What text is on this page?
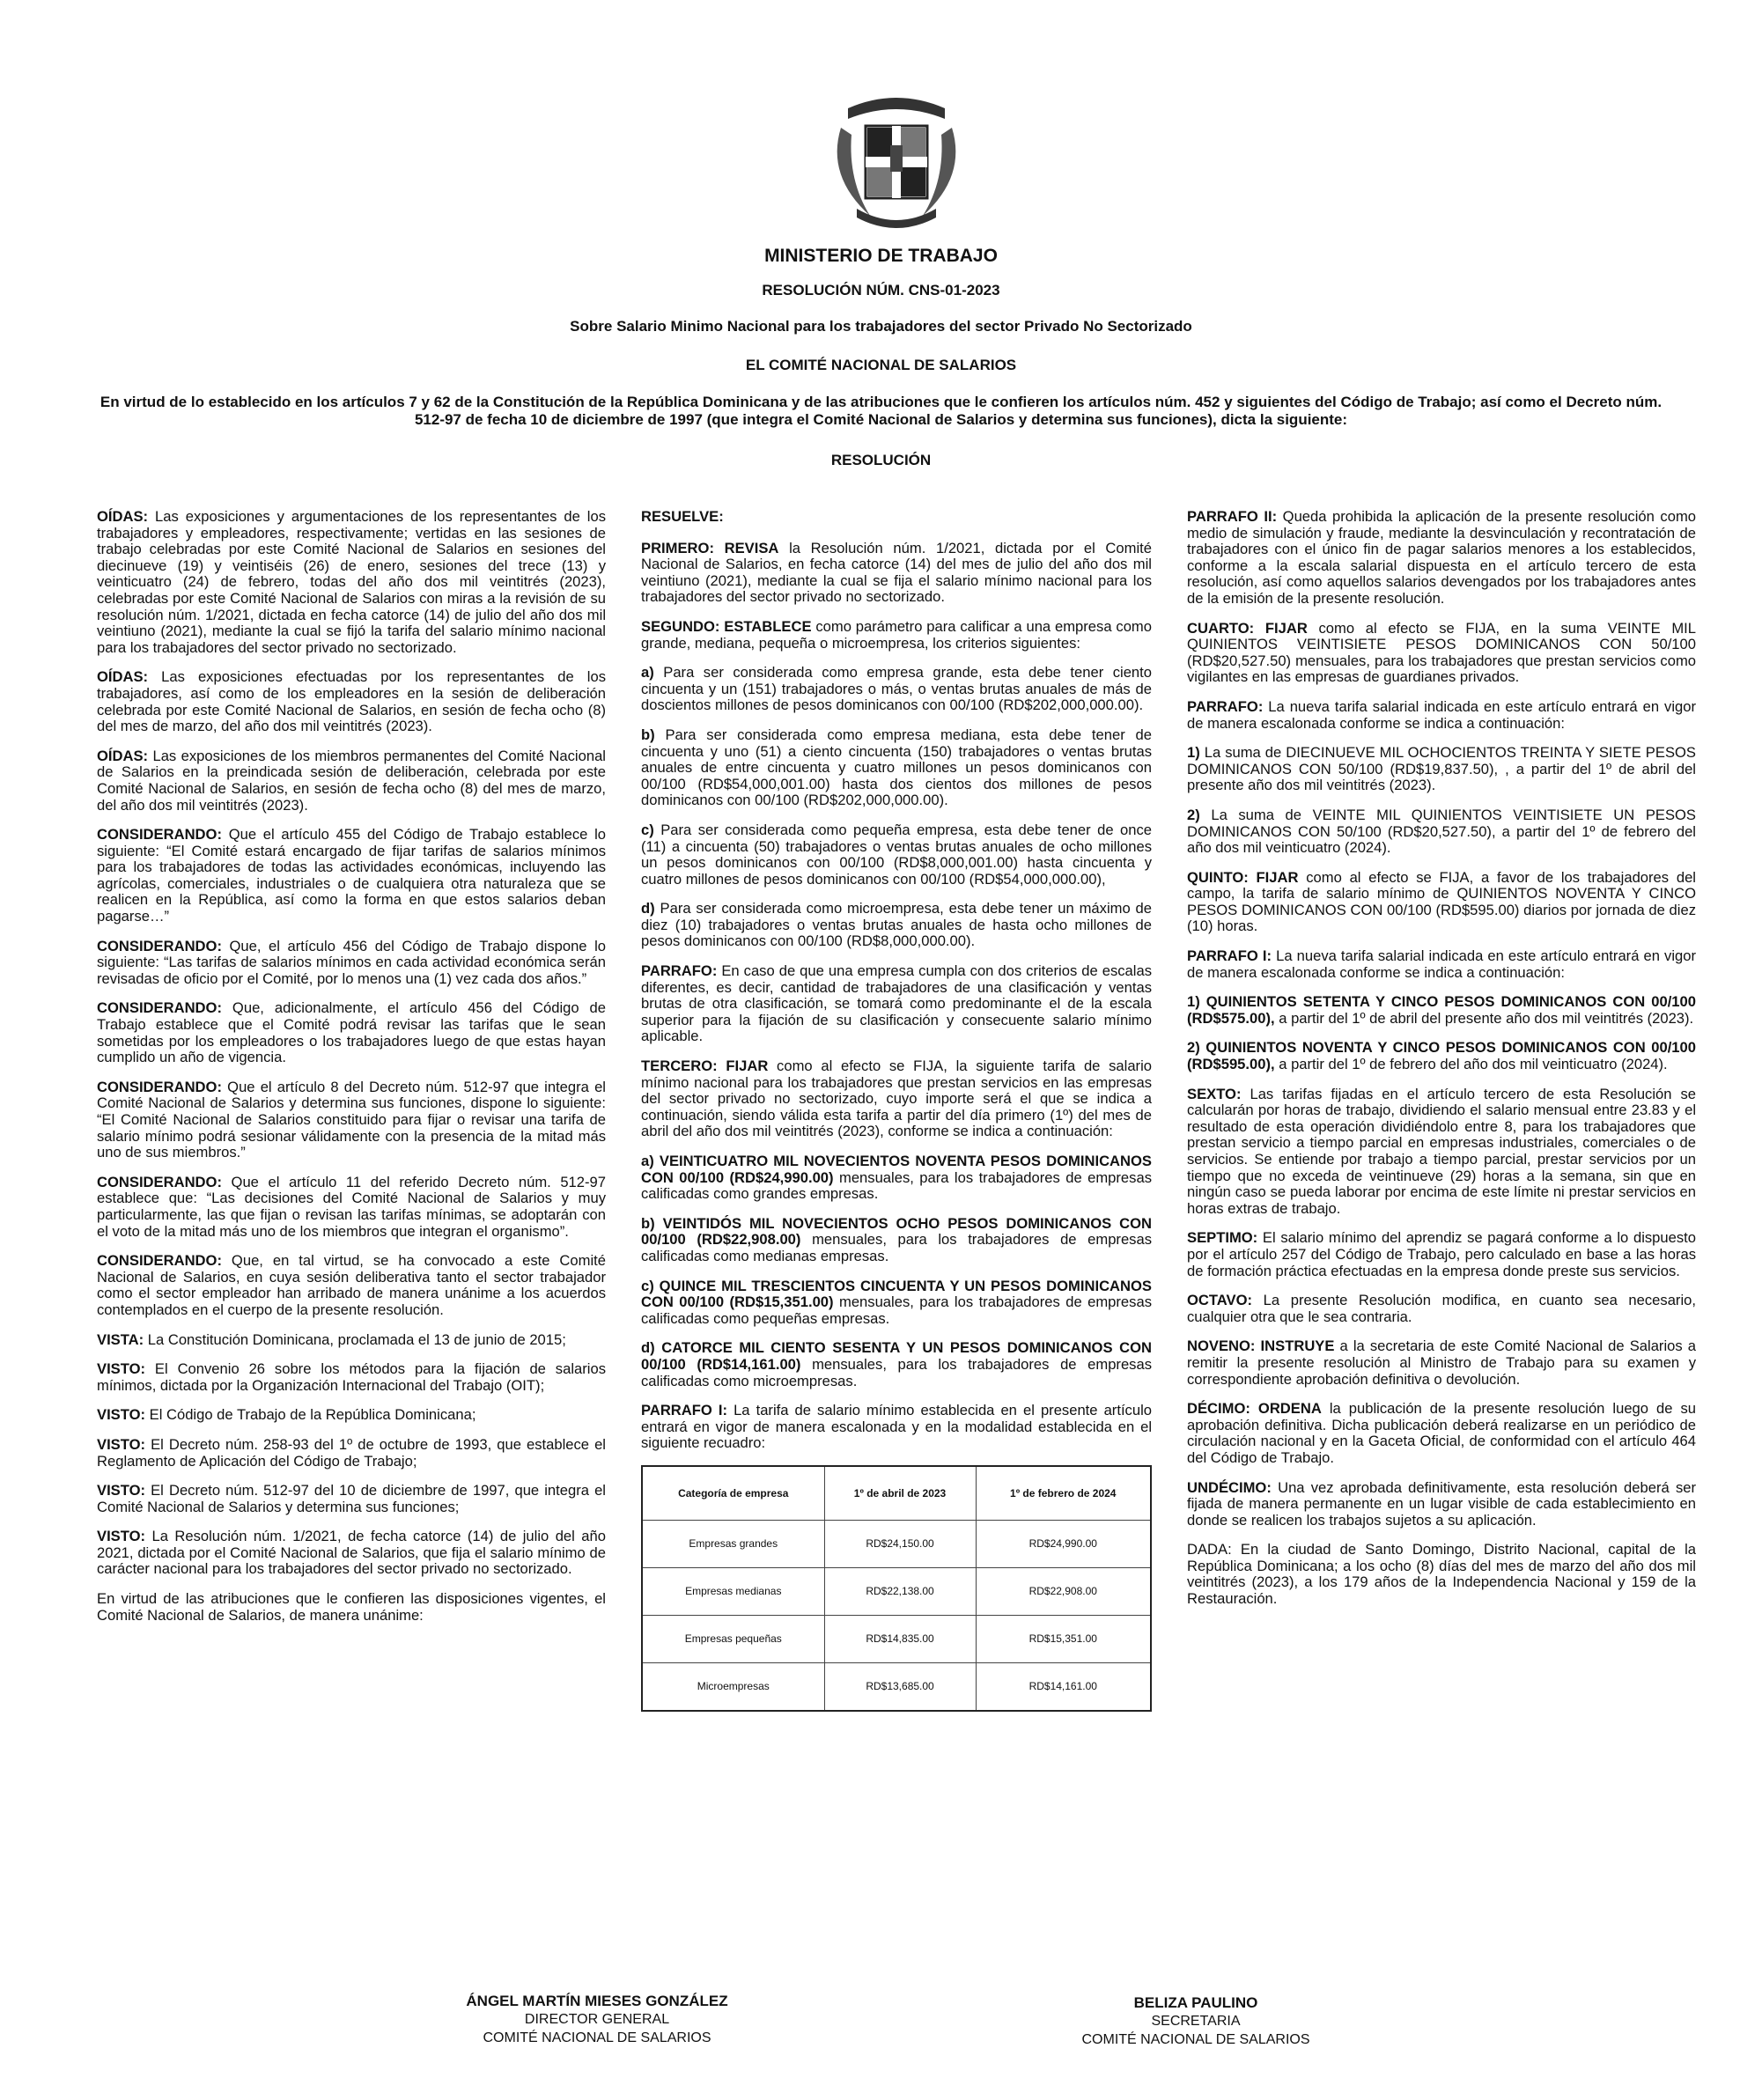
MINISTERIO DE TRABAJO
RESOLUCIÓN NÚM. CNS-01-2023
Sobre Salario Minimo Nacional para los trabajadores del sector Privado No Sectorizado
EL COMITÉ NACIONAL DE SALARIOS
En virtud de lo establecido en los artículos 7 y 62 de la Constitución de la República Dominicana y de las atribuciones que le confieren los artículos núm. 452 y siguientes del Código de Trabajo; así como el Decreto núm. 512-97 de fecha 10 de diciembre de 1997 (que integra el Comité Nacional de Salarios y determina sus funciones), dicta la siguiente:
RESOLUCIÓN

OÍDAS: Las exposiciones y argumentaciones de los representantes de los trabajadores y empleadores, respectivamente; vertidas en las sesiones de trabajo celebradas por este Comité Nacional de Salarios en sesiones del diecinueve (19) y veintiséis (26) de enero, sesiones del trece (13) y veinticuatro (24) de febrero, todas del año dos mil veintitrés (2023), celebradas por este Comité Nacional de Salarios con miras a la revisión de su resolución núm. 1/2021, dictada en fecha catorce (14) de julio del año dos mil veintiuno (2021), mediante la cual se fijó la tarifa del salario mínimo nacional para los trabajadores del sector privado no sectorizado.

OÍDAS: Las exposiciones efectuadas por los representantes de los trabajadores, así como de los empleadores en la sesión de deliberación celebrada por este Comité Nacional de Salarios, en sesión de fecha ocho (8) del mes de marzo, del año dos mil veintitrés (2023).

OÍDAS: Las exposiciones de los miembros permanentes del Comité Nacional de Salarios en la preindicada sesión de deliberación, celebrada por este Comité Nacional de Salarios, en sesión de fecha ocho (8) del mes de marzo, del año dos mil veintitrés (2023).

CONSIDERANDO: Que el artículo 455 del Código de Trabajo establece lo siguiente: “El Comité estará encargado de fijar tarifas de salarios mínimos para los trabajadores de todas las actividades económicas, incluyendo las agrícolas, comerciales, industriales o de cualquiera otra naturaleza que se realicen en la República, así como la forma en que estos salarios deban pagarse…”

CONSIDERANDO: Que, el artículo 456 del Código de Trabajo dispone lo siguiente: “Las tarifas de salarios mínimos en cada actividad económica serán revisadas de oficio por el Comité, por lo menos una (1) vez cada dos años.”

CONSIDERANDO: Que, adicionalmente, el artículo 456 del Código de Trabajo establece que el Comité podrá revisar las tarifas que le sean sometidas por los empleadores o los trabajadores luego de que estas hayan cumplido un año de vigencia.

CONSIDERANDO: Que el artículo 8 del Decreto núm. 512-97 que integra el Comité Nacional de Salarios y determina sus funciones, dispone lo siguiente: “El Comité Nacional de Salarios constituido para fijar o revisar una tarifa de salario mínimo podrá sesionar válidamente con la presencia de la mitad más uno de sus miembros.”

CONSIDERANDO: Que el artículo 11 del referido Decreto núm. 512-97 establece que: “Las decisiones del Comité Nacional de Salarios y muy particularmente, las que fijan o revisan las tarifas mínimas, se adoptarán con el voto de la mitad más uno de los miembros que integran el organismo”.

CONSIDERANDO: Que, en tal virtud, se ha convocado a este Comité Nacional de Salarios, en cuya sesión deliberativa tanto el sector trabajador como el sector empleador han arribado de manera unánime a los acuerdos contemplados en el cuerpo de la presente resolución.

VISTA: La Constitución Dominicana, proclamada el 13 de junio de 2015;

VISTO: El Convenio 26 sobre los métodos para la fijación de salarios mínimos, dictada por la Organización Internacional del Trabajo (OIT);

VISTO: El Código de Trabajo de la República Dominicana;

VISTO: El Decreto núm. 258-93 del 1º de octubre de 1993, que establece el Reglamento de Aplicación del Código de Trabajo;

VISTO: El Decreto núm. 512-97 del 10 de diciembre de 1997, que integra el Comité Nacional de Salarios y determina sus funciones;

VISTO: La Resolución núm. 1/2021, de fecha catorce (14) de julio del año 2021, dictada por el Comité Nacional de Salarios, que fija el salario mínimo de carácter nacional para los trabajadores del sector privado no sectorizado.

En virtud de las atribuciones que le confieren las disposiciones vigentes, el Comité Nacional de Salarios, de manera unánime:

RESUELVE:

PRIMERO: REVISA la Resolución núm. 1/2021, dictada por el Comité Nacional de Salarios, en fecha catorce (14) del mes de julio del año dos mil veintiuno (2021), mediante la cual se fija el salario mínimo nacional para los trabajadores del sector privado no sectorizado.

SEGUNDO: ESTABLECE como parámetro para calificar a una empresa como grande, mediana, pequeña o microempresa, los criterios siguientes:

a) Para ser considerada como empresa grande, esta debe tener ciento cincuenta y un (151) trabajadores o más, o ventas brutas anuales de más de doscientos millones de pesos dominicanos con 00/100 (RD$202,000,000.00).

b) Para ser considerada como empresa mediana, esta debe tener de cincuenta y uno (51) a ciento cincuenta (150) trabajadores o ventas brutas anuales de entre cincuenta y cuatro millones un pesos dominicanos con 00/100 (RD$54,000,001.00) hasta dos cientos dos millones de pesos dominicanos con 00/100 (RD$202,000,000.00).

c) Para ser considerada como pequeña empresa, esta debe tener de once (11) a cincuenta (50) trabajadores o ventas brutas anuales de ocho millones un pesos dominicanos con 00/100 (RD$8,000,001.00) hasta cincuenta y cuatro millones de pesos dominicanos con 00/100 (RD$54,000,000.00),

d) Para ser considerada como microempresa, esta debe tener un máximo de diez (10) trabajadores o ventas brutas anuales de hasta ocho millones de pesos dominicanos con 00/100 (RD$8,000,000.00).

PARRAFO: En caso de que una empresa cumpla con dos criterios de escalas diferentes, es decir, cantidad de trabajadores de una clasificación y ventas brutas de otra clasificación, se tomará como predominante el de la escala superior para la fijación de su clasificación y consecuente salario mínimo aplicable.

TERCERO: FIJAR como al efecto se FIJA, la siguiente tarifa de salario mínimo nacional para los trabajadores que prestan servicios en las empresas del sector privado no sectorizado, cuyo importe será el que se indica a continuación, siendo válida esta tarifa a partir del día primero (1º) del mes de abril del año dos mil veintitrés (2023), conforme se indica a continuación:

a) VEINTICUATRO MIL NOVECIENTOS NOVENTA PESOS DOMINICANOS CON 00/100 (RD$24,990.00) mensuales, para los trabajadores de empresas calificadas como grandes empresas.

b) VEINTIDÓS MIL NOVECIENTOS OCHO PESOS DOMINICANOS CON 00/100 (RD$22,908.00) mensuales, para los trabajadores de empresas calificadas como medianas empresas.

c) QUINCE MIL TRESCIENTOS CINCUENTA Y UN PESOS DOMINICANOS CON 00/100 (RD$15,351.00) mensuales, para los trabajadores de empresas calificadas como pequeñas empresas.

d) CATORCE MIL CIENTO SESENTA Y UN PESOS DOMINICANOS CON 00/100 (RD$14,161.00) mensuales, para los trabajadores de empresas calificadas como microempresas.

PARRAFO I: La tarifa de salario mínimo establecida en el presente artículo entrará en vigor de manera escalonada y en la modalidad establecida en el siguiente recuadro:

Categoría de empresa	1º de abril de 2023	1º de febrero de 2024
Empresas grandes	RD$24,150.00	RD$24,990.00
Empresas medianas	RD$22,138.00	RD$22,908.00
Empresas pequeñas	RD$14,835.00	RD$15,351.00
Microempresas	RD$13,685.00	RD$14,161.00

PARRAFO II: Queda prohibida la aplicación de la presente resolución como medio de simulación y fraude, mediante la desvinculación y recontratación de trabajadores con el único fin de pagar salarios menores a los establecidos, conforme a la escala salarial dispuesta en el artículo tercero de esta resolución, así como aquellos salarios devengados por los trabajadores antes de la emisión de la presente resolución.

CUARTO: FIJAR como al efecto se FIJA, en la suma VEINTE MIL QUINIENTOS VEINTISIETE PESOS DOMINICANOS CON 50/100 (RD$20,527.50) mensuales, para los trabajadores que prestan servicios como vigilantes en las empresas de guardianes privados.

PARRAFO: La nueva tarifa salarial indicada en este artículo entrará en vigor de manera escalonada conforme se indica a continuación:

1) La suma de DIECINUEVE MIL OCHOCIENTOS TREINTA Y SIETE PESOS DOMINICANOS CON 50/100 (RD$19,837.50), , a partir del 1º de abril del presente año dos mil veintitrés (2023).

2) La suma de VEINTE MIL QUINIENTOS VEINTISIETE UN PESOS DOMINICANOS CON 50/100 (RD$20,527.50), a partir del 1º de febrero del año dos mil veinticuatro (2024).

QUINTO: FIJAR como al efecto se FIJA, a favor de los trabajadores del campo, la tarifa de salario mínimo de QUINIENTOS NOVENTA Y CINCO PESOS DOMINICANOS CON 00/100 (RD$595.00) diarios por jornada de diez (10) horas.

PARRAFO I: La nueva tarifa salarial indicada en este artículo entrará en vigor de manera escalonada conforme se indica a continuación:

1) QUINIENTOS SETENTA Y CINCO PESOS DOMINICANOS CON 00/100 (RD$575.00), a partir del 1º de abril del presente año dos mil veintitrés (2023).

2) QUINIENTOS NOVENTA Y CINCO PESOS DOMINICANOS CON 00/100 (RD$595.00), a partir del 1º de febrero del año dos mil veinticuatro (2024).

SEXTO: Las tarifas fijadas en el artículo tercero de esta Resolución se calcularán por horas de trabajo, dividiendo el salario mensual entre 23.83 y el resultado de esta operación dividiéndolo entre 8, para los trabajadores que prestan servicio a tiempo parcial en empresas industriales, comerciales o de servicios. Se entiende por trabajo a tiempo parcial, prestar servicios por un tiempo que no exceda de veintinueve (29) horas a la semana, sin que en ningún caso se pueda laborar por encima de este límite ni prestar servicios en horas extras de trabajo.

SEPTIMO: El salario mínimo del aprendiz se pagará conforme a lo dispuesto por el artículo 257 del Código de Trabajo, pero calculado en base a las horas de formación práctica efectuadas en la empresa donde preste sus servicios.

OCTAVO: La presente Resolución modifica, en cuanto sea necesario, cualquier otra que le sea contraria.

NOVENO: INSTRUYE a la secretaria de este Comité Nacional de Salarios a remitir la presente resolución al Ministro de Trabajo para su examen y correspondiente aprobación definitiva o devolución.

DÉCIMO: ORDENA la publicación de la presente resolución luego de su aprobación definitiva. Dicha publicación deberá realizarse en un periódico de circulación nacional y en la Gaceta Oficial, de conformidad con el artículo 464 del Código de Trabajo.

UNDÉCIMO: Una vez aprobada definitivamente, esta resolución deberá ser fijada de manera permanente en un lugar visible de cada establecimiento en donde se realicen los trabajos sujetos a su aplicación.

DADA: En la ciudad de Santo Domingo, Distrito Nacional, capital de la República Dominicana; a los ocho (8) días del mes de marzo del año dos mil veintitrés (2023), a los 179 años de la Independencia Nacional y 159 de la Restauración.

ÁNGEL MARTÍN MIESES GONZÁLEZ
DIRECTOR GENERAL
COMITÉ NACIONAL DE SALARIOS
BELIZA PAULINO
SECRETARIA
COMITÉ NACIONAL DE SALARIOS
